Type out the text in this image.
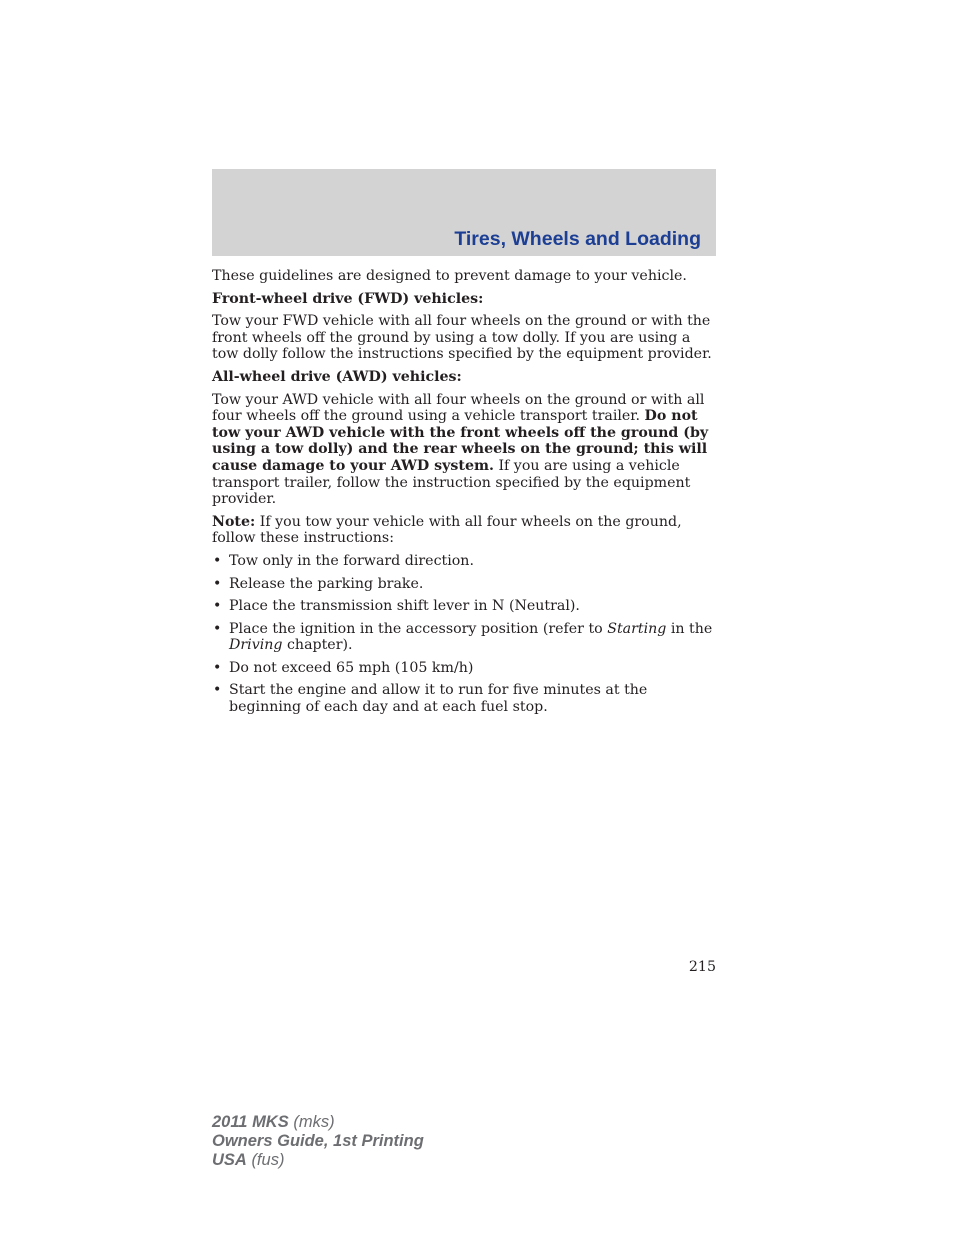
Tires, Wheels and Loading

These guidelines are designed to prevent damage to your vehicle.

Front-wheel drive (FWD) vehicles:

Tow your FWD vehicle with all four wheels on the ground or with the front wheels off the ground by using a tow dolly. If you are using a tow dolly follow the instructions specified by the equipment provider.

All-wheel drive (AWD) vehicles:

Tow your AWD vehicle with all four wheels on the ground or with all four wheels off the ground using a vehicle transport trailer. Do not tow your AWD vehicle with the front wheels off the ground (by using a tow dolly) and the rear wheels on the ground; this will cause damage to your AWD system. If you are using a vehicle transport trailer, follow the instruction specified by the equipment provider.

Note: If you tow your vehicle with all four wheels on the ground, follow these instructions:

• Tow only in the forward direction.
• Release the parking brake.
• Place the transmission shift lever in N (Neutral).
• Place the ignition in the accessory position (refer to Starting in the Driving chapter).
• Do not exceed 65 mph (105 km/h)
• Start the engine and allow it to run for five minutes at the beginning of each day and at each fuel stop.
215
2011 MKS (mks)
Owners Guide, 1st Printing
USA (fus)
